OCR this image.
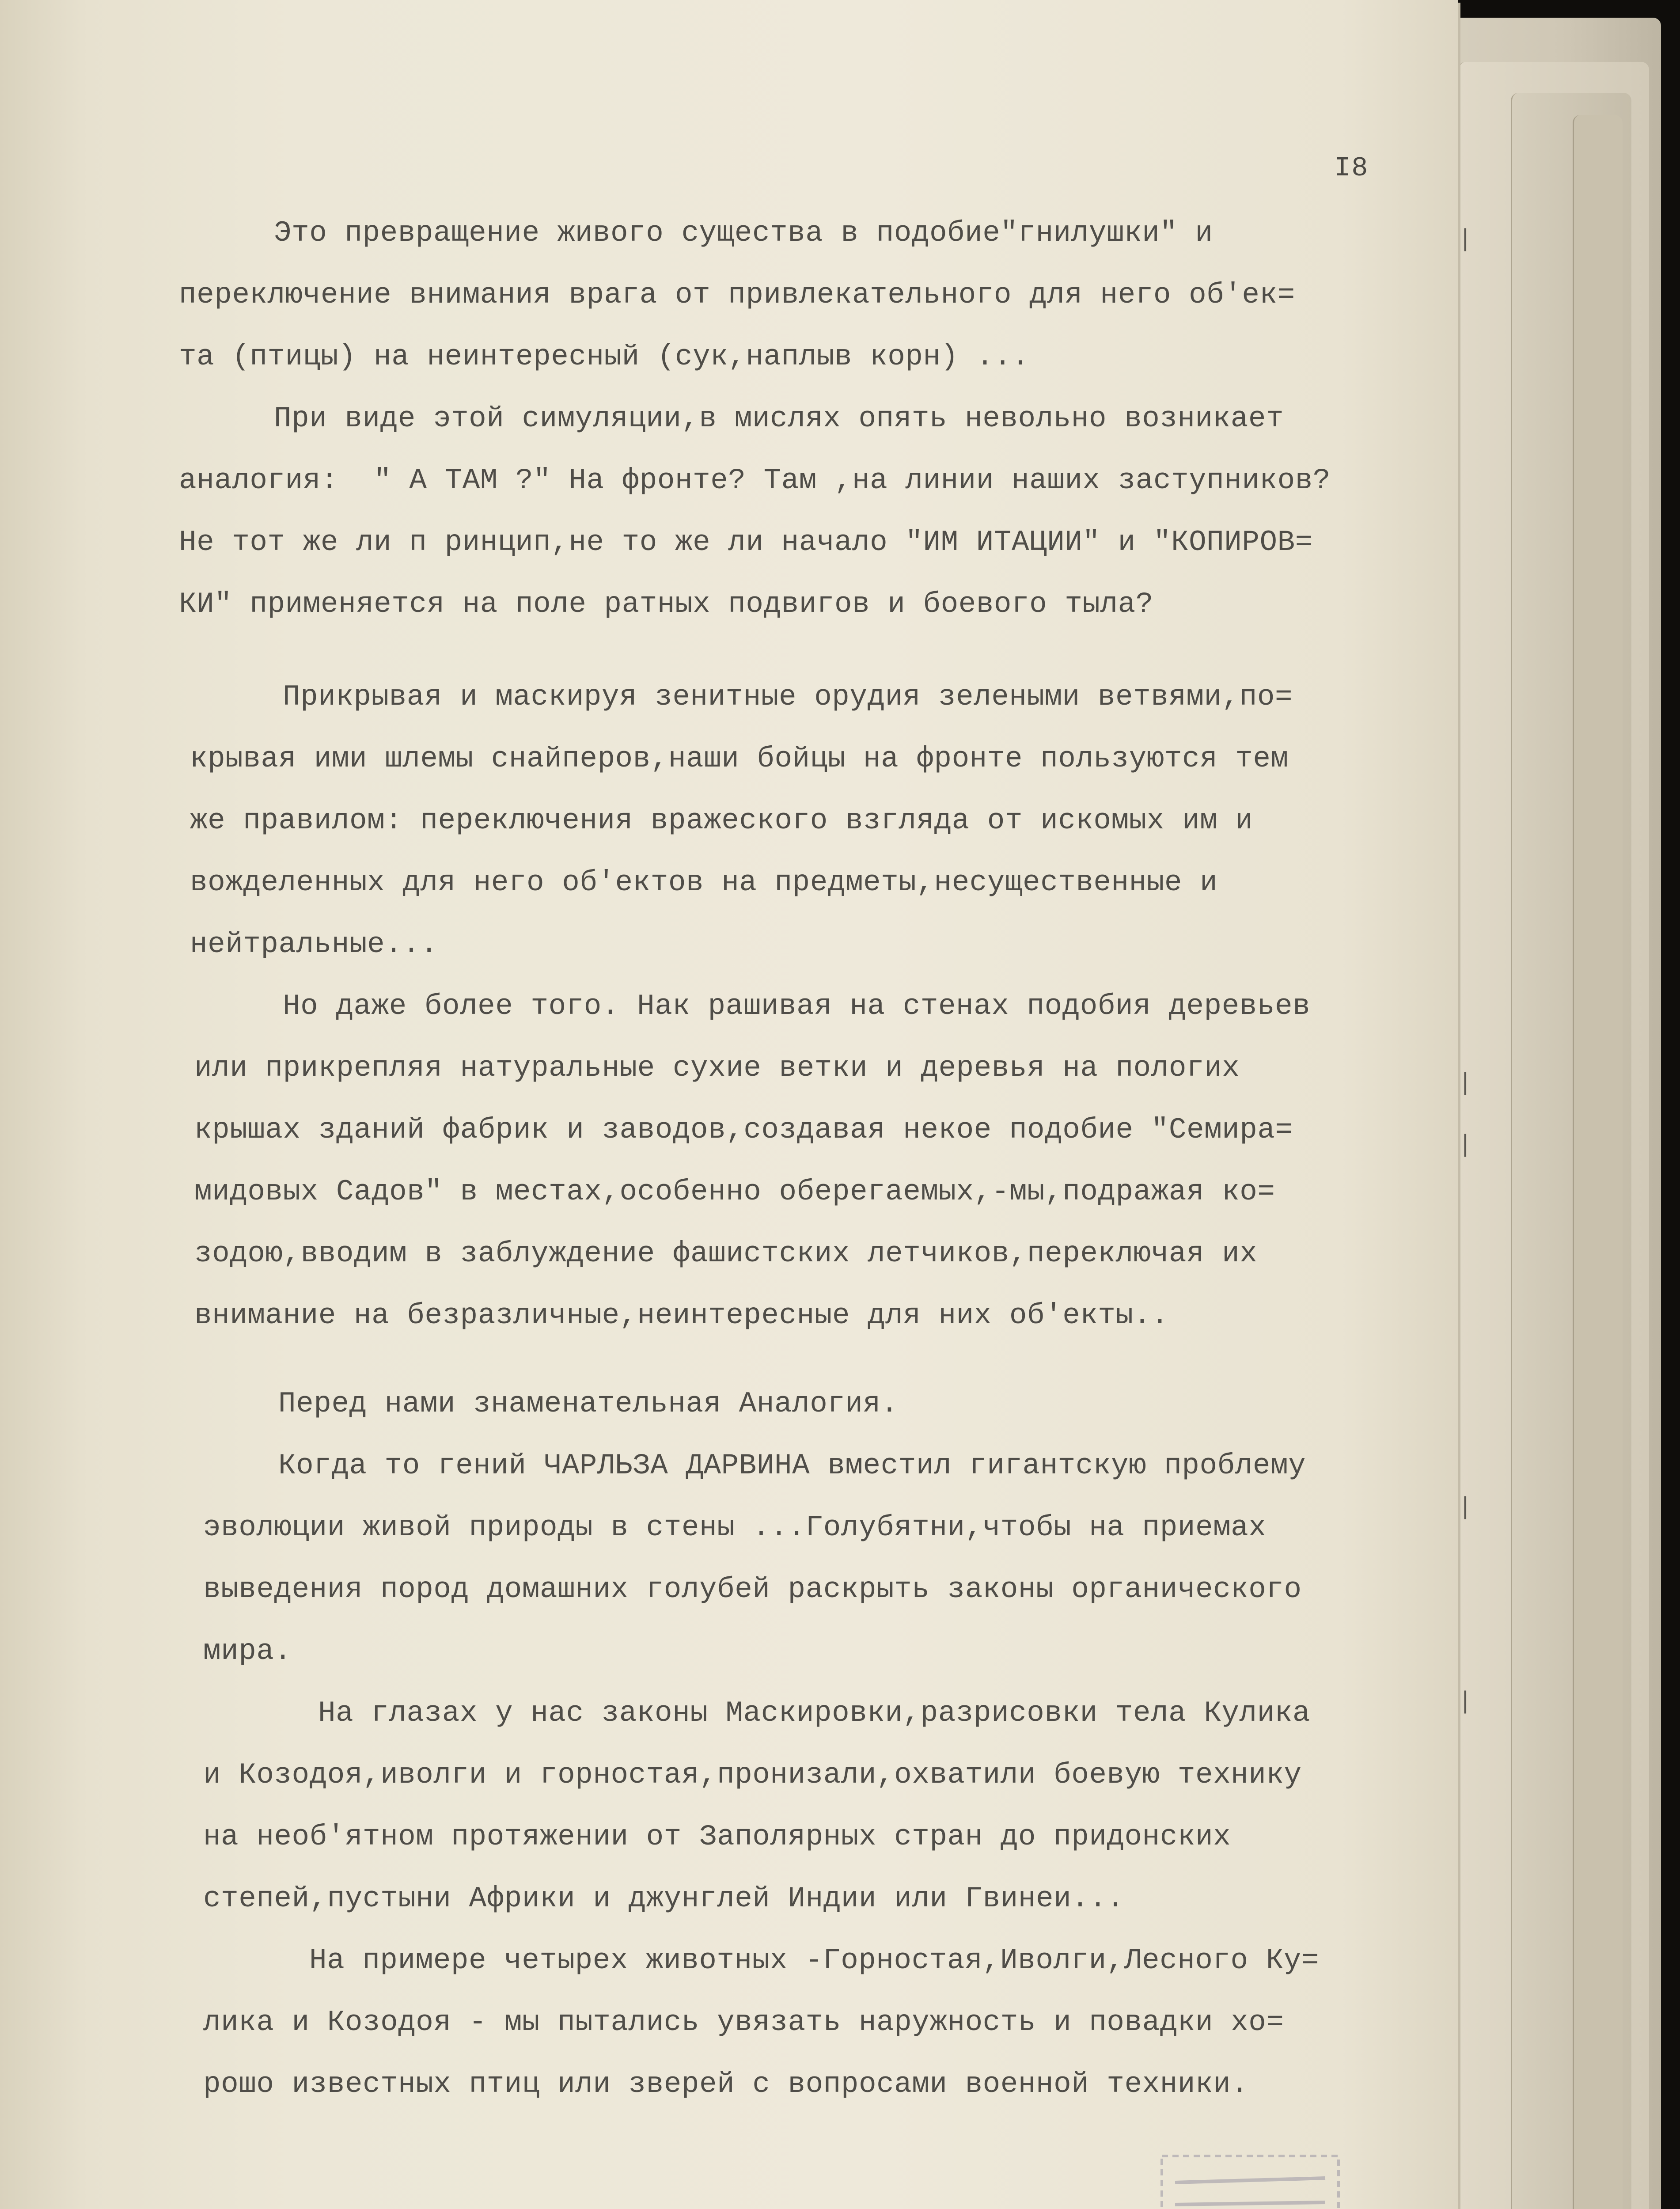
I8
Это превращение живого существа в подобие"гнилушки" и
переключение внимания врага от привлекательного для него об'ек=
та (птицы) на неинтересный (сук,наплыв корн) ...
При виде этой симуляции,в мислях опять невольно возникает
аналогия:  " А ТАМ ?" На фронте? Там ,на линии наших заступников?
Не тот же ли п ринцип,не то же ли начало "ИМ ИТАЦИИ" и "КОПИРОВ=
КИ" применяется на поле ратных подвигов и боевого тыла?
Прикрывая и маскируя зенитные орудия зелеными ветвями,по=
крывая ими шлемы снайперов,наши бойцы на фронте пользуются тем
же правилом: переключения вражеского взгляда от искомых им и
вожделенных для него об'ектов на предметы,несущественные и
нейтральные...
Но даже более того. Нак рашивая на стенах подобия деревьев
или прикрепляя натуральные сухие ветки и деревья на пологих
крышах зданий фабрик и заводов,создавая некое подобие "Семира=
мидовых Садов" в местах,особенно оберегаемых,-мы,подражая ко=
зодою,вводим в заблуждение фашистских летчиков,переключая их
внимание на безразличные,неинтересные для них об'екты..
Перед нами знаменательная Аналогия.
Когда то гений ЧАРЛЬЗА ДАРВИНА вместил гигантскую проблему
эволюции живой природы в стены ...Голубятни,чтобы на приемах
выведения пород домашних голубей раскрыть законы органического
мира.
На глазах у нас законы Маскировки,разрисовки тела Кулика
и Козодоя,иволги и горностая,пронизали,охватили боевую технику
на необ'ятном протяжении от Заполярных стран до придонских
степей,пустыни Африки и джунглей Индии или Гвинеи...
На примере четырех животных -Горностая,Иволги,Лесного Ку=
лика и Козодоя - мы пытались увязать наружность и повадки хо=
рошо известных птиц или зверей с вопросами военной техники.
|
|
|
|
|
